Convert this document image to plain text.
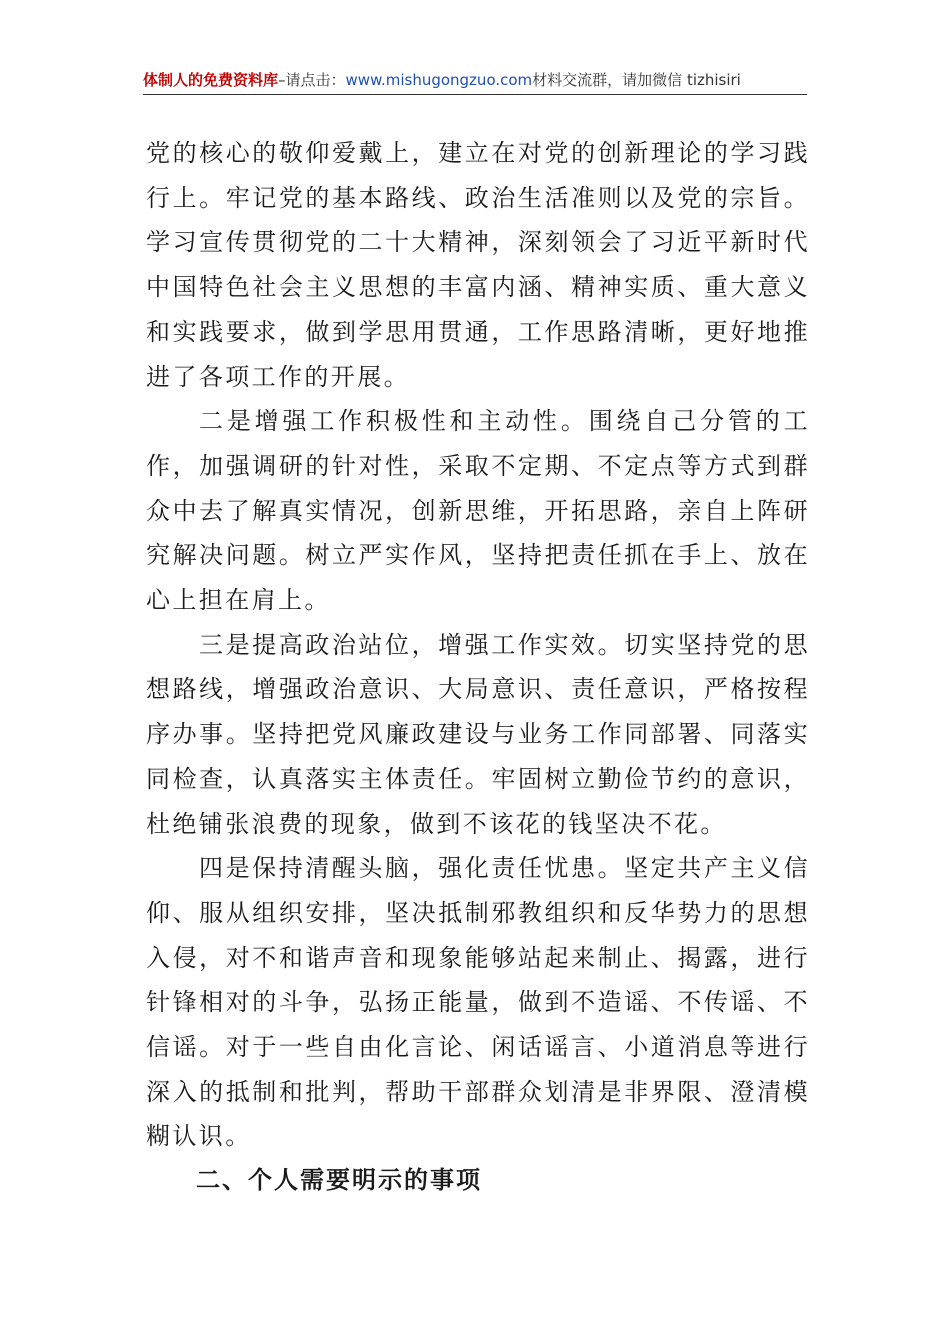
体制人的免费资料库–请点击：www.mishugongzuo.com材料交流群，请加微信 tizhisiri

党的核心的敬仰爱戴上，建立在对党的创新理论的学习践行上。牢记党的基本路线、政治生活准则以及党的宗旨。学习宣传贯彻党的二十大精神，深刻领会了习近平新时代中国特色社会主义思想的丰富内涵、精神实质、重大意义和实践要求，做到学思用贯通，工作思路清晰，更好地推进了各项工作的开展。

二是增强工作积极性和主动性。围绕自己分管的工作，加强调研的针对性，采取不定期、不定点等方式到群众中去了解真实情况，创新思维，开拓思路，亲自上阵研究解决问题。树立严实作风，坚持把责任抓在手上、放在心上担在肩上。

三是提高政治站位，增强工作实效。切实坚持党的思想路线，增强政治意识、大局意识、责任意识，严格按程序办事。坚持把党风廉政建设与业务工作同部署、同落实同检查，认真落实主体责任。牢固树立勤俭节约的意识，杜绝铺张浪费的现象，做到不该花的钱坚决不花。

四是保持清醒头脑，强化责任忧患。坚定共产主义信仰、服从组织安排，坚决抵制邪教组织和反华势力的思想入侵，对不和谐声音和现象能够站起来制止、揭露，进行针锋相对的斗争，弘扬正能量，做到不造谣、不传谣、不信谣。对于一些自由化言论、闲话谣言、小道消息等进行深入的抵制和批判，帮助干部群众划清是非界限、澄清模糊认识。

二、个人需要明示的事项
